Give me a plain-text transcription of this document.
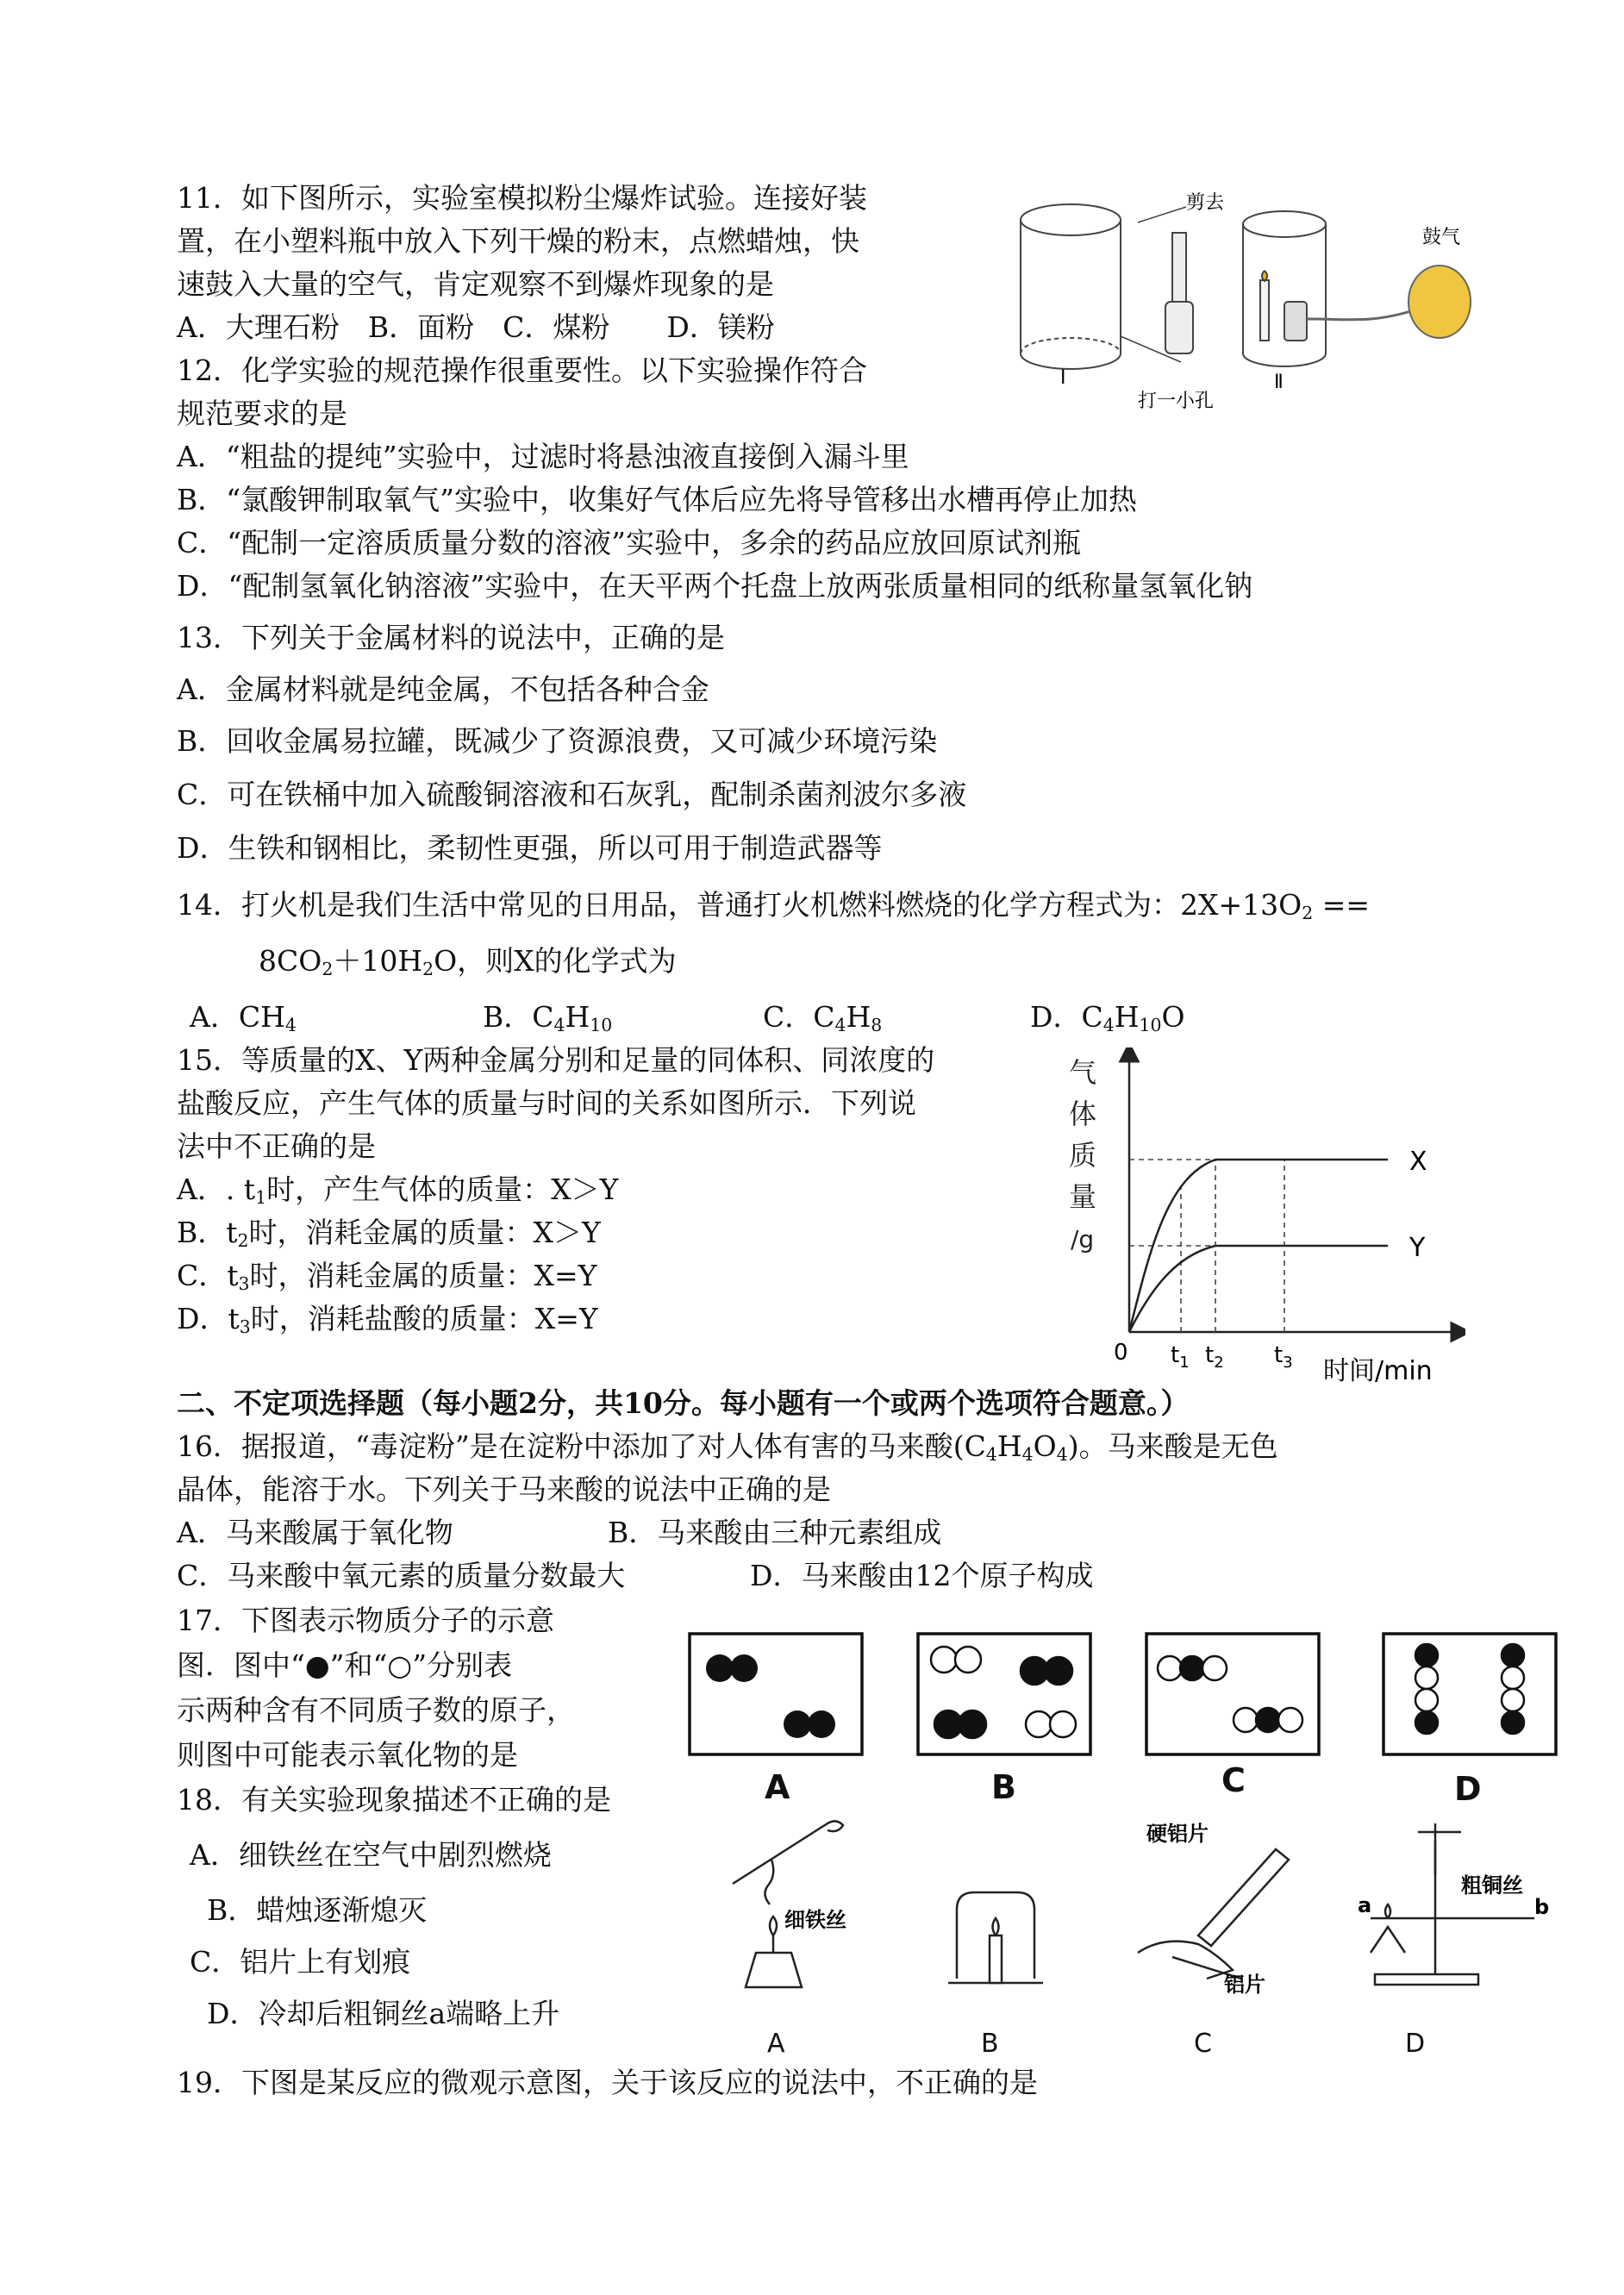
11．如下图所示，实验室模拟粉尘爆炸试验。连接好装
置，在小塑料瓶中放入下列干燥的粉末，点燃蜡烛，快
速鼓入大量的空气，肯定观察不到爆炸现象的是
A．大理石粉　B．面粉　C．煤粉　　D．镁粉
剪去
打一小孔
Ⅰ
鼓气
Ⅱ
12．化学实验的规范操作很重要性。以下实验操作符合
规范要求的是
A．“粗盐的提纯”实验中，过滤时将悬浊液直接倒入漏斗里
B．“氯酸钾制取氧气”实验中，收集好气体后应先将导管移出水槽再停止加热
C．“配制一定溶质质量分数的溶液”实验中，多余的药品应放回原试剂瓶
D．“配制氢氧化钠溶液”实验中，在天平两个托盘上放两张质量相同的纸称量氢氧化钠
13．下列关于金属材料的说法中，正确的是
A．金属材料就是纯金属，不包括各种合金
B．回收金属易拉罐，既减少了资源浪费，又可减少环境污染
C．可在铁桶中加入硫酸铜溶液和石灰乳，配制杀菌剂波尔多液
D．生铁和钢相比，柔韧性更强，所以可用于制造武器等
14．打火机是我们生活中常见的日用品，普通打火机燃料燃烧的化学方程式为：$2X+13O_2$ ==
$8CO_2+10H_2O$，则X的化学式为
A．$CH_4$	B．$C_4H_{10}$	C．$C_4H_8$	D．$C_4H_{10}O$
15．等质量的X、Y两种金属分别和足量的同体积、同浓度的
盐酸反应，产生气体的质量与时间的关系如图所示．下列说
法中不正确的是
A．. $t_1$时，产生气体的质量：X＞Y
B．$t_2$时，消耗金属的质量：X＞Y
C．$t_3$时，消耗金属的质量：X=Y
D．$t_3$时，消耗盐酸的质量：X=Y
气
体
质
量
/g
0
X
Y
$t_1$ $t_2$ $t_3$ 时间/min
二、不定项选择题（每小题2分，共10分。每小题有一个或两个选项符合题意。）
16．据报道，“毒淀粉”是在淀粉中添加了对人体有害的马来酸$(C_4H_4O_4)$。马来酸是无色
晶体，能溶于水。下列关于马来酸的说法中正确的是
A．马来酸属于氧化物	B．马来酸由三种元素组成
C．马来酸中氧元素的质量分数最大	D．马来酸由12个原子构成
17．下图表示物质分子的示意
图．图中“●”和“○”分别表
示两种含有不同质子数的原子，
则图中可能表示氧化物的是
A	B	C	D
18．有关实验现象描述不正确的是
A．细铁丝在空气中剧烈燃烧
B．蜡烛逐渐熄灭
C．铝片上有划痕
D．冷却后粗铜丝a端略上升
细铁丝
硬铝片
铝片
粗铜丝
a	b
A	B	C	D
19．下图是某反应的微观示意图，关于该反应的说法中，不正确的是
